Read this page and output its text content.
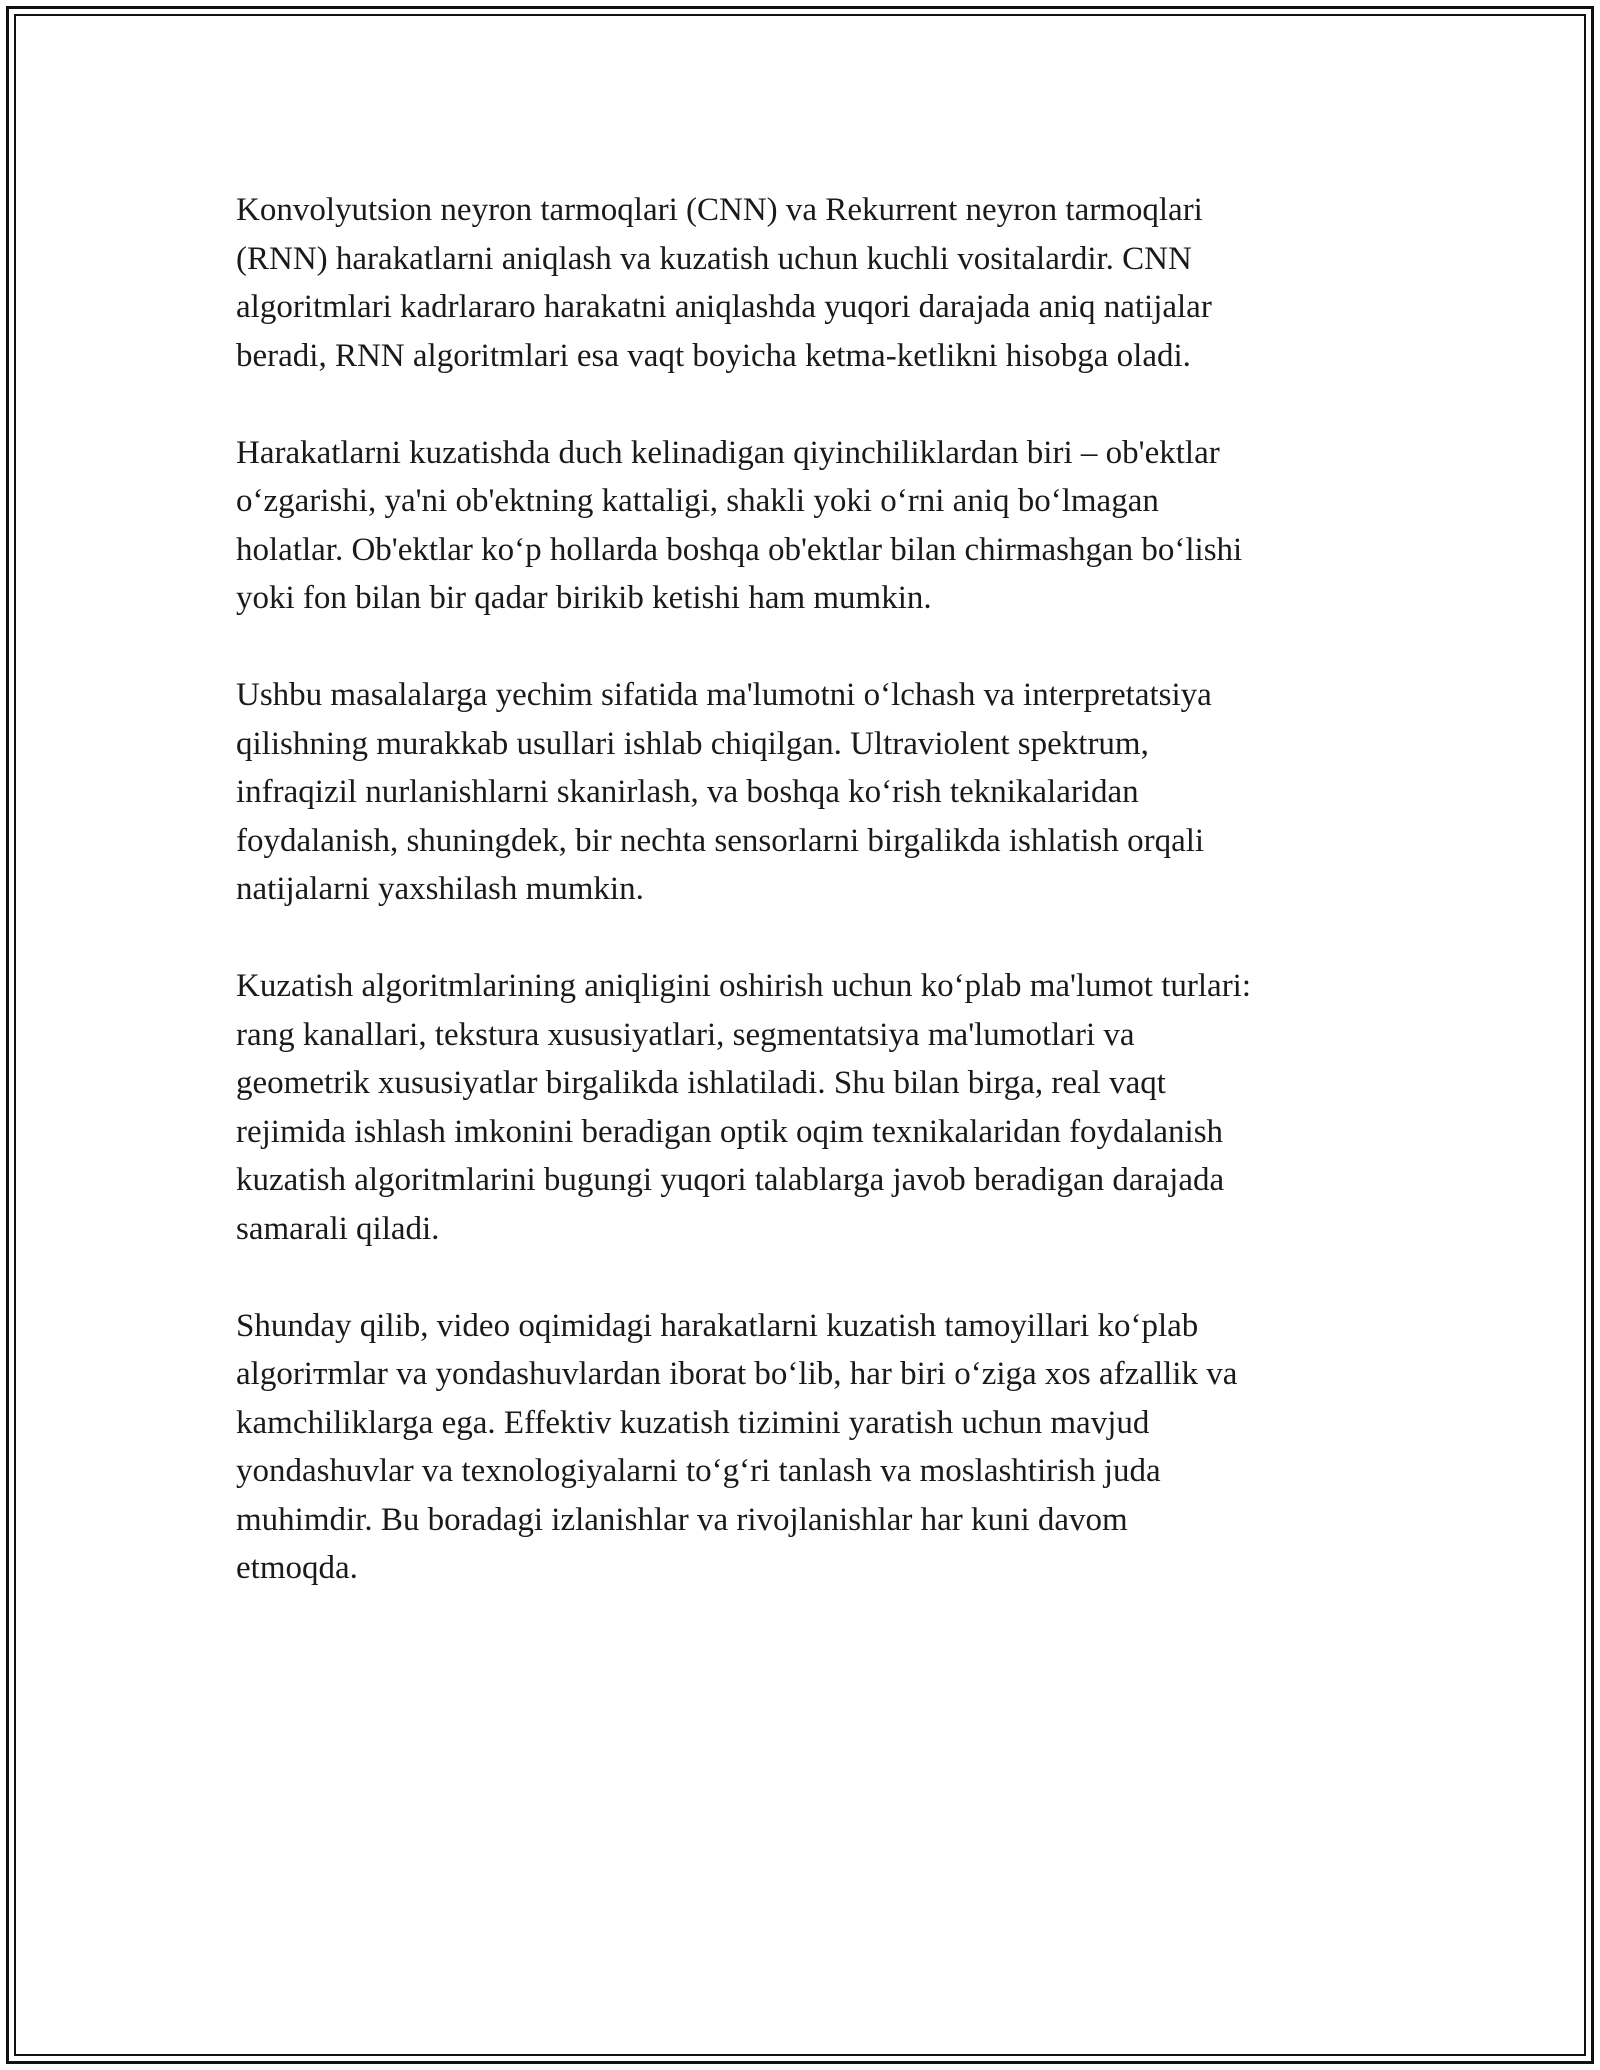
Konvolyutsion neyron tarmoqlari (CNN) va Rekurrent neyron tarmoqlari
(RNN) harakatlarni aniqlash va kuzatish uchun kuchli vositalardir. CNN
algoritmlari kadrlararo harakatni aniqlashda yuqori darajada aniq natijalar
beradi, RNN algoritmlari esa vaqt boyicha ketma-ketlikni hisobga oladi.

Harakatlarni kuzatishda duch kelinadigan qiyinchiliklardan biri – ob'ektlar
o‘zgarishi, ya'ni ob'ektning kattaligi, shakli yoki o‘rni aniq bo‘lmagan
holatlar. Ob'ektlar ko‘p hollarda boshqa ob'ektlar bilan chirmashgan bo‘lishi
yoki fon bilan bir qadar birikib ketishi ham mumkin.

Ushbu masalalarga yechim sifatida ma'lumotni o‘lchash va interpretatsiya
qilishning murakkab usullari ishlab chiqilgan. Ultraviolent spektrum,
infraqizil nurlanishlarni skanirlash, va boshqa ko‘rish teknikalaridan
foydalanish, shuningdek, bir nechta sensorlarni birgalikda ishlatish orqali
natijalarni yaxshilash mumkin.

Kuzatish algoritmlarining aniqligini oshirish uchun ko‘plab ma'lumot turlari:
rang kanallari, tekstura xususiyatlari, segmentatsiya ma'lumotlari va
geometrik xususiyatlar birgalikda ishlatiladi. Shu bilan birga, real vaqt
rejimida ishlash imkonini beradigan optik oqim texnikalaridan foydalanish
kuzatish algoritmlarini bugungi yuqori talablarga javob beradigan darajada
samarali qiladi.

Shunday qilib, video oqimidagi harakatlarni kuzatish tamoyillari ko‘plab
algorітmlar va yondashuvlardan iborat bo‘lib, har biri o‘ziga xos afzallik va
kamchiliklarga ega. Effektiv kuzatish tizimini yaratish uchun mavjud
yondashuvlar va texnologiyalarni to‘g‘ri tanlash va moslashtirish juda
muhimdir. Bu boradagi izlanishlar va rivojlanishlar har kuni davom
etmoqda.
